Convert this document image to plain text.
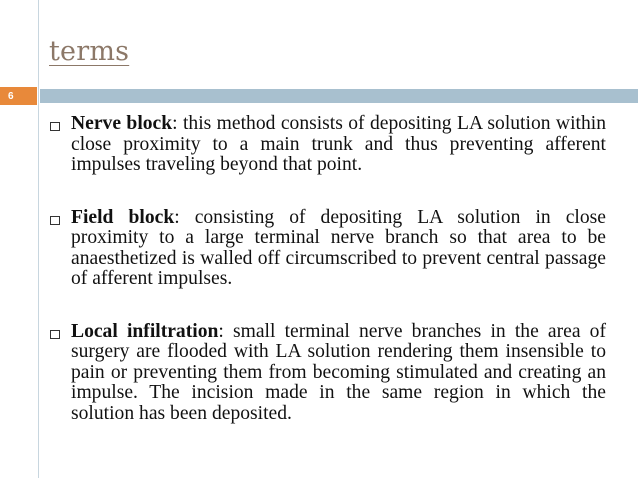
terms
6
Nerve block: this method consists of depositing LA solution within close proximity to a main trunk and thus preventing afferent impulses traveling beyond that point.
Field block: consisting of depositing LA solution in close proximity to a large terminal nerve branch so that area to be anaesthetized is walled off circumscribed to prevent central passage of afferent impulses.
Local infiltration: small terminal nerve branches in the area of surgery are flooded with LA solution rendering them insensible to pain or preventing them from becoming stimulated and creating an impulse. The incision made in the same region in which the solution has been deposited.
